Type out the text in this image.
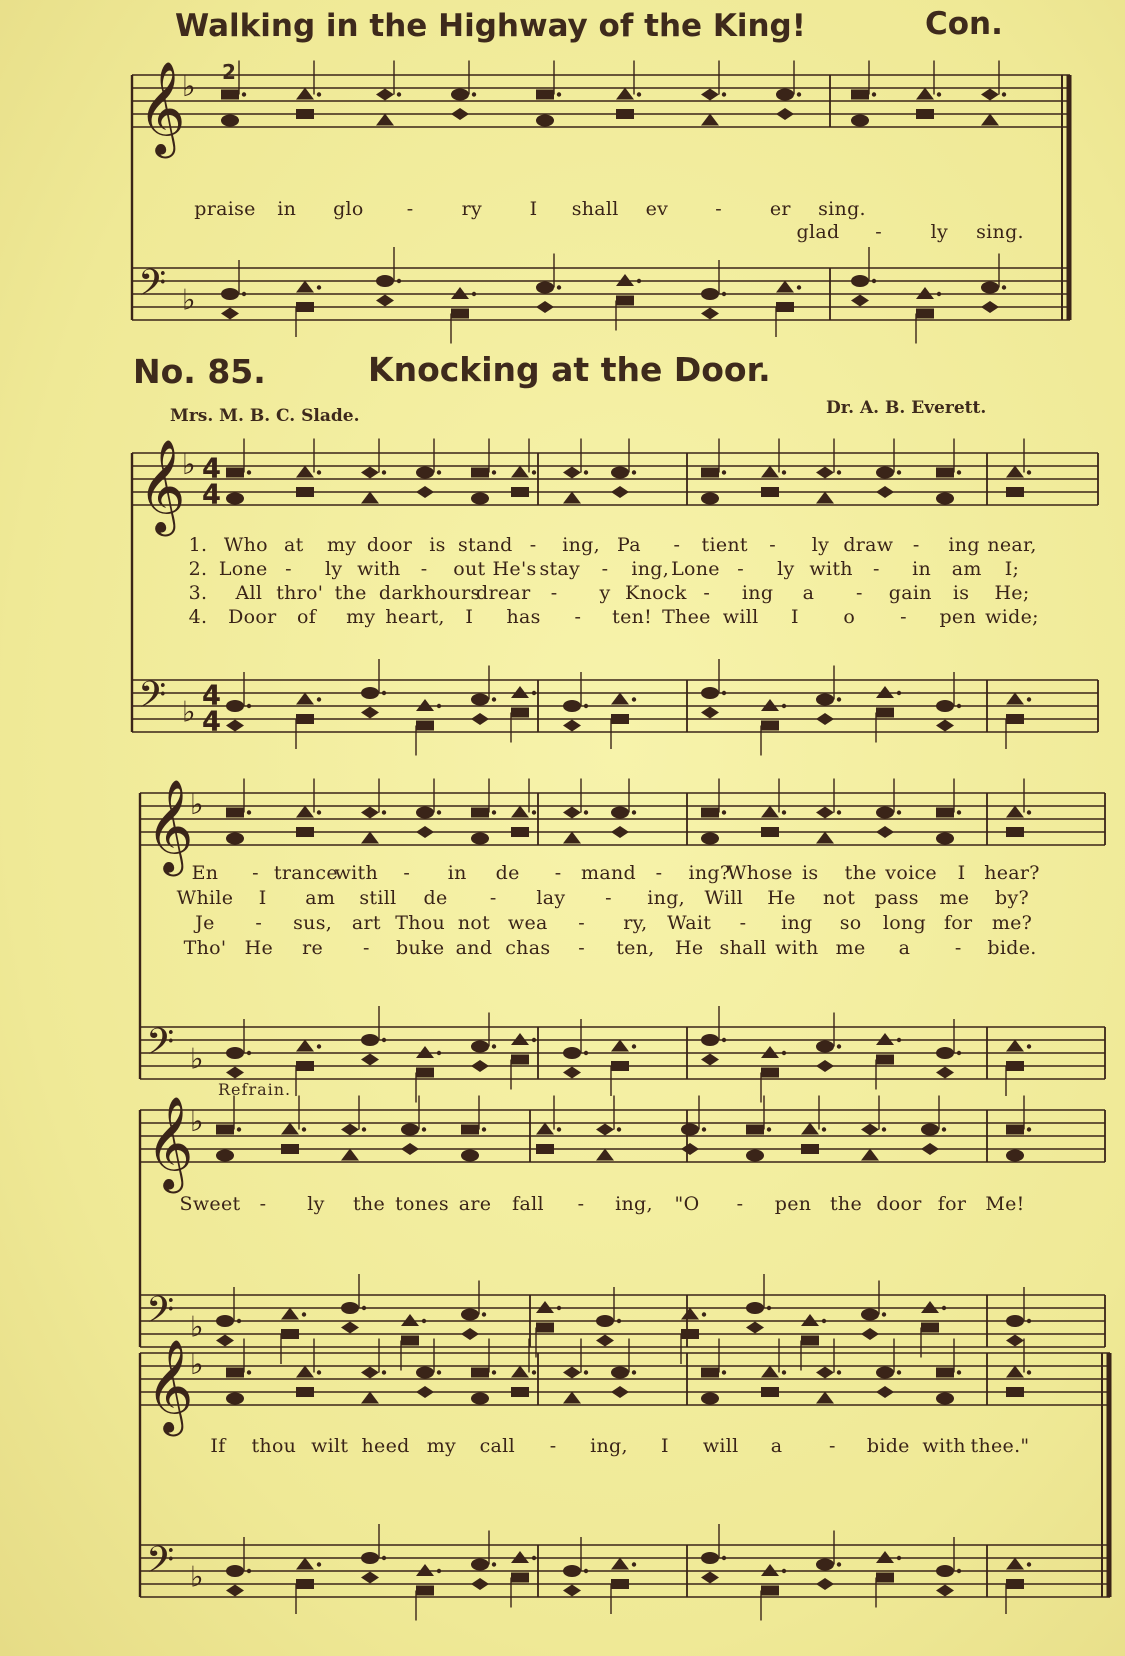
Walking in the Highway of the King!	Con.
2
No. 85.	Knocking at the Door.
Mrs. M. B. C. Slade.	Dr. A. B. Everett.
Refrain.
𝄞
𝄢
♭
♭
𝄞
𝄢
♭
♭
4
4
4
4
𝄞
𝄢
♭
♭
𝄞
𝄢
♭
♭
𝄞
𝄢
♭
♭
praise in glo -	ry	I shall ev -	er sing.
glad -	ly sing.
1. Who at my door is stand - ing, Pa - tient - ly draw - ing near,
2. Lone - ly with - out He's stay - ing, Lone - ly with - in am I;
3. All thro' the dark hours
drear - y Knock - ing a - gain is He;
4. Door of my heart, I has - ten! Thee will I o - pen wide;
En - trance
with - in de - mand - ing?
Whose is the voice I hear?
While I am still de - lay - ing, Will He not pass me by?
Je - sus, art Thou not wea - ry, Wait - ing so long for me?
Tho' He re - buke and chas - ten, He shall with me a - bide.
Sweet - ly the tones are fall - ing, "O - pen the door for Me!
If thou wilt heed my call - ing, I will a - bide with thee."
